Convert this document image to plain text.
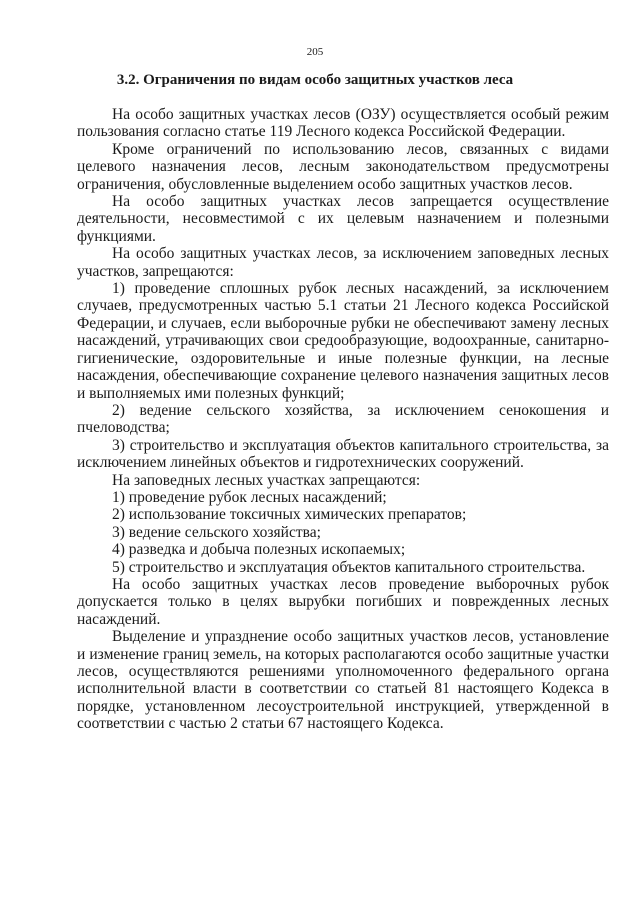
205
3.2. Ограничения по видам особо защитных участков леса

На особо защитных участках лесов (ОЗУ) осуществляется особый режим пользования согласно статье 119 Лесного кодекса Российской Федерации.

Кроме ограничений по использованию лесов, связанных с видами целевого назначения лесов, лесным законодательством предусмотрены ограничения, обусловленные выделением особо защитных участков лесов.

На особо защитных участках лесов запрещается осуществление деятельности, несовместимой с их целевым назначением и полезными функциями.

На особо защитных участках лесов, за исключением заповедных лесных участков, запрещаются:

1) проведение сплошных рубок лесных насаждений, за исключением случаев, предусмотренных частью 5.1 статьи 21 Лесного кодекса Российской Федерации, и случаев, если выборочные рубки не обеспечивают замену лесных насаждений, утрачивающих свои средообразующие, водоохранные, санитарно-гигиенические, оздоровительные и иные полезные функции, на лесные насаждения, обеспечивающие сохранение целевого назначения защитных лесов и выполняемых ими полезных функций;

2) ведение сельского хозяйства, за исключением сенокошения и пчеловодства;

3) строительство и эксплуатация объектов капитального строительства, за исключением линейных объектов и гидротехнических сооружений.

На заповедных лесных участках запрещаются:

1) проведение рубок лесных насаждений;

2) использование токсичных химических препаратов;

3) ведение сельского хозяйства;

4) разведка и добыча полезных ископаемых;

5) строительство и эксплуатация объектов капитального строительства.

На особо защитных участках лесов проведение выборочных рубок допускается только в целях вырубки погибших и поврежденных лесных насаждений.

Выделение и упразднение особо защитных участков лесов, установление и изменение границ земель, на которых располагаются особо защитные участки лесов, осуществляются решениями уполномоченного федерального органа исполнительной власти в соответствии со статьей 81 настоящего Кодекса в порядке, установленном лесоустроительной инструкцией, утвержденной в соответствии с частью 2 статьи 67 настоящего Кодекса.
